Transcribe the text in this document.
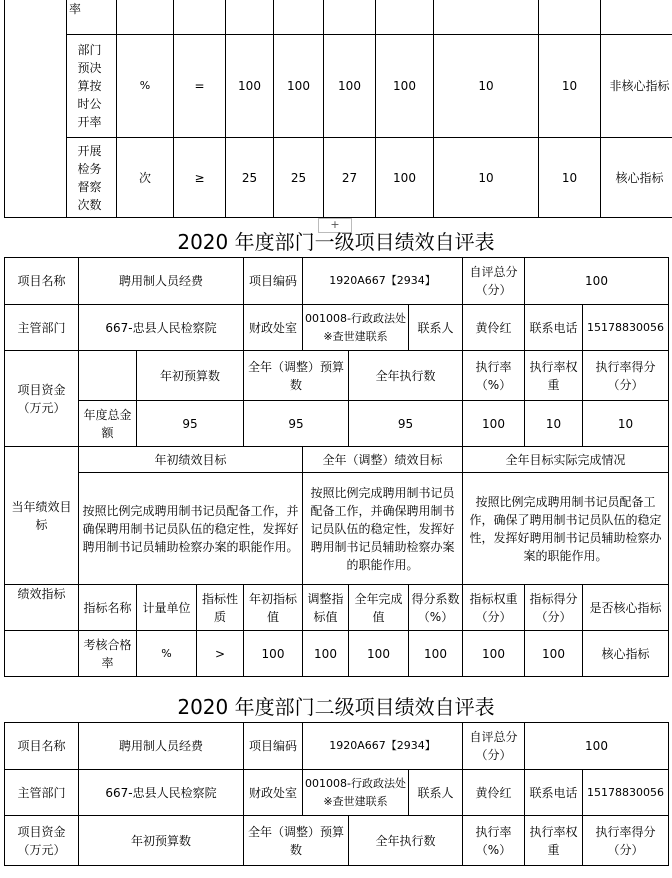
	率									

	部门预决算按时公开率	%	=	100	100	100	100	10	10	非核心指标

	开展检务督察次数	次	≥	25	25	27	100	10	10	核心指标
+
2020 年度部门一级项目绩效自评表
项目名称	聘用制人员经费			项目编码	1920A667【2934】			自评总分（分）	100	
主管部门	667-忠县人民检察院			财政处室	001008-行政政法处※查世建联系		联系人	黄伶红	联系电话	15178830056
项目资金（万元）		年初预算数		全年（调整）预算数		全年执行数		执行率（%）	执行率权重	执行率得分（分）
	年度总金额	95		95		95		100	10	10
当年绩效目标	年初绩效目标				全年（调整）绩效目标			全年目标实际完成情况		
	按照比例完成聘用制书记员配备工作，并确保聘用制书记员队伍的稳定性，发挥好聘用制书记员辅助检察办案的职能作用。				按照比例完成聘用制书记员配备工作，并确保聘用制书记员队伍的稳定性，发挥好聘用制书记员辅助检察办案的职能作用。			按照比例完成聘用制书记员配备工作，确保了聘用制书记员队伍的稳定性，发挥好聘用制书记员辅助检察办案的职能作用。		
绩效指标	指标名称	计量单位	指标性质	年初指标值	调整指标值	全年完成值	得分系数（%）	指标权重（分）	指标得分（分）	是否核心指标
	考核合格率	%	>	100	100	100	100	100	100	核心指标
2020 年度部门二级项目绩效自评表
项目名称	聘用制人员经费	项目编码	1920A667【2934】			自评总分（分）	100	
主管部门	667-忠县人民检察院	财政处室	001008-行政政法处※查世建联系		联系人	黄伶红	联系电话	15178830056
项目资金（万元）	年初预算数	全年（调整）预算数		全年执行数		执行率（%）	执行率权重	执行率得分（分）
